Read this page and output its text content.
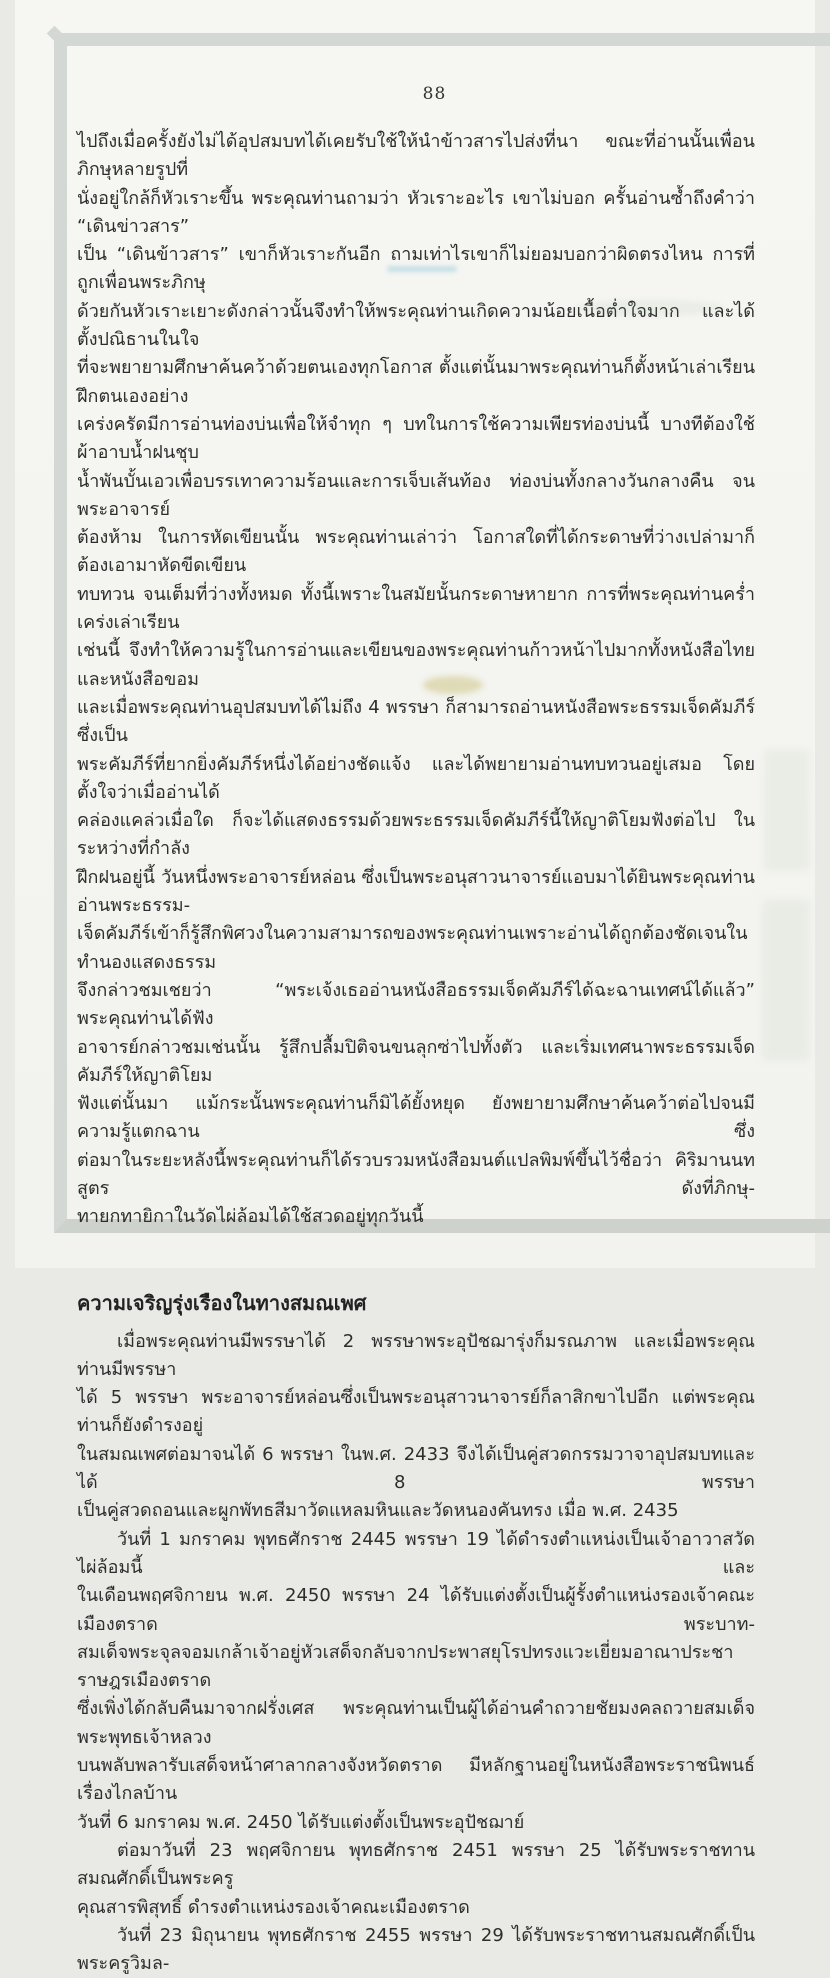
88
ไปถึงเมื่อครั้งยังไม่ได้อุปสมบทได้เคยรับใช้ให้นำข้าวสารไปส่งที่นา ขณะที่อ่านนั้นเพื่อนภิกษุหลายรูปที่
นั่งอยู่ใกล้ก็หัวเราะขึ้น พระคุณท่านถามว่า หัวเราะอะไร เขาไม่บอก ครั้นอ่านซ้ำถึงคำว่า “เดินข่าวสาร”
เป็น “เดินข้าวสาร” เขาก็หัวเราะกันอีก ถามเท่าไรเขาก็ไม่ยอมบอกว่าผิดตรงไหน การที่ถูกเพื่อนพระภิกษุ
ด้วยกันหัวเราะเยาะดังกล่าวนั้นจึงทำให้พระคุณท่านเกิดความน้อยเนื้อต่ำใจมาก และได้ตั้งปณิธานในใจ
ที่จะพยายามศึกษาค้นคว้าด้วยตนเองทุกโอกาส ตั้งแต่นั้นมาพระคุณท่านก็ตั้งหน้าเล่าเรียนฝึกตนเองอย่าง
เคร่งครัดมีการอ่านท่องบ่นเพื่อให้จำทุก ๆ บทในการใช้ความเพียรท่องบ่นนี้ บางทีต้องใช้ผ้าอาบน้ำฝนชุบ
น้ำพันบั้นเอวเพื่อบรรเทาความร้อนและการเจ็บเส้นท้อง ท่องบ่นทั้งกลางวันกลางคืน จนพระอาจารย์
ต้องห้าม ในการหัดเขียนนั้น พระคุณท่านเล่าว่า โอกาสใดที่ได้กระดาษที่ว่างเปล่ามาก็ต้องเอามาหัดขีดเขียน
ทบทวน จนเต็มที่ว่างทั้งหมด ทั้งนี้เพราะในสมัยนั้นกระดาษหายาก การที่พระคุณท่านคร่ำเคร่งเล่าเรียน
เช่นนี้ จึงทำให้ความรู้ในการอ่านและเขียนของพระคุณท่านก้าวหน้าไปมากทั้งหนังสือไทยและหนังสือขอม
และเมื่อพระคุณท่านอุปสมบทได้ไม่ถึง 4 พรรษา ก็สามารถอ่านหนังสือพระธรรมเจ็ดคัมภีร์ ซึ่งเป็น
พระคัมภีร์ที่ยากยิ่งคัมภีร์หนึ่งได้อย่างชัดแจ้ง และได้พยายามอ่านทบทวนอยู่เสมอ โดยตั้งใจว่าเมื่ออ่านได้
คล่องแคล่วเมื่อใด ก็จะได้แสดงธรรมด้วยพระธรรมเจ็ดคัมภีร์นี้ให้ญาติโยมฟังต่อไป ในระหว่างที่กำลัง
ฝึกฝนอยู่นี้ วันหนึ่งพระอาจารย์หล่อน ซึ่งเป็นพระอนุสาวนาจารย์แอบมาได้ยินพระคุณท่านอ่านพระธรรม-
เจ็ดคัมภีร์เข้าก็รู้สึกพิศวงในความสามารถของพระคุณท่านเพราะอ่านได้ถูกต้องชัดเจนในทำนองแสดงธรรม
จึงกล่าวชมเชยว่า “พระเจ้งเธออ่านหนังสือธรรมเจ็ดคัมภีร์ได้ฉะฉานเทศน์ได้แล้ว” พระคุณท่านได้ฟัง
อาจารย์กล่าวชมเช่นนั้น รู้สึกปลื้มปิติจนขนลุกซ่าไปทั้งตัว และเริ่มเทศนาพระธรรมเจ็ดคัมภีร์ให้ญาติโยม
ฟังแต่นั้นมา แม้กระนั้นพระคุณท่านก็มิได้ยั้งหยุด ยังพยายามศึกษาค้นคว้าต่อไปจนมีความรู้แตกฉาน ซึ่ง
ต่อมาในระยะหลังนี้พระคุณท่านก็ได้รวบรวมหนังสือมนต์แปลพิมพ์ขึ้นไว้ชื่อว่า คิริมานนทสูตร ดังที่ภิกษุ-
ทายกทายิกาในวัดไผ่ล้อมได้ใช้สวดอยู่ทุกวันนี้
ความเจริญรุ่งเรืองในทางสมณเพศ
เมื่อพระคุณท่านมีพรรษาได้ 2 พรรษาพระอุปัชฌารุ่งก็มรณภาพ และเมื่อพระคุณท่านมีพรรษา
ได้ 5 พรรษา พระอาจารย์หล่อนซึ่งเป็นพระอนุสาวนาจารย์ก็ลาสิกขาไปอีก แต่พระคุณท่านก็ยังดำรงอยู่
ในสมณเพศต่อมาจนได้ 6 พรรษา ในพ.ศ. 2433 จึงได้เป็นคู่สวดกรรมวาจาอุปสมบทและได้ 8 พรรษา
เป็นคู่สวดถอนและผูกพัทธสีมาวัดแหลมหินและวัดหนองคันทรง เมื่อ พ.ศ. 2435
วันที่ 1 มกราคม พุทธศักราช 2445 พรรษา 19 ได้ดำรงตำแหน่งเป็นเจ้าอาวาสวัดไผ่ล้อมนี้ และ
ในเดือนพฤศจิกายน พ.ศ. 2450 พรรษา 24 ได้รับแต่งตั้งเป็นผู้รั้งตำแหน่งรองเจ้าคณะเมืองตราด พระบาท-
สมเด็จพระจุลจอมเกล้าเจ้าอยู่หัวเสด็จกลับจากประพาสยุโรปทรงแวะเยี่ยมอาณาประชาราษฎรเมืองตราด
ซึ่งเพิ่งได้กลับคืนมาจากฝรั่งเศส พระคุณท่านเป็นผู้ได้อ่านคำถวายชัยมงคลถวายสมเด็จพระพุทธเจ้าหลวง
บนพลับพลารับเสด็จหน้าศาลากลางจังหวัดตราด มีหลักฐานอยู่ในหนังสือพระราชนิพนธ์เรื่องไกลบ้าน
วันที่ 6 มกราคม พ.ศ. 2450 ได้รับแต่งตั้งเป็นพระอุปัชฌาย์
ต่อมาวันที่ 23 พฤศจิกายน พุทธศักราช 2451 พรรษา 25 ได้รับพระราชทานสมณศักดิ์เป็นพระครู
คุณสารพิสุทธิ์ ดำรงตำแหน่งรองเจ้าคณะเมืองตราด
วันที่ 23 มิถุนายน พุทธศักราช 2455 พรรษา 29 ได้รับพระราชทานสมณศักดิ์เป็นพระครูวิมล-
